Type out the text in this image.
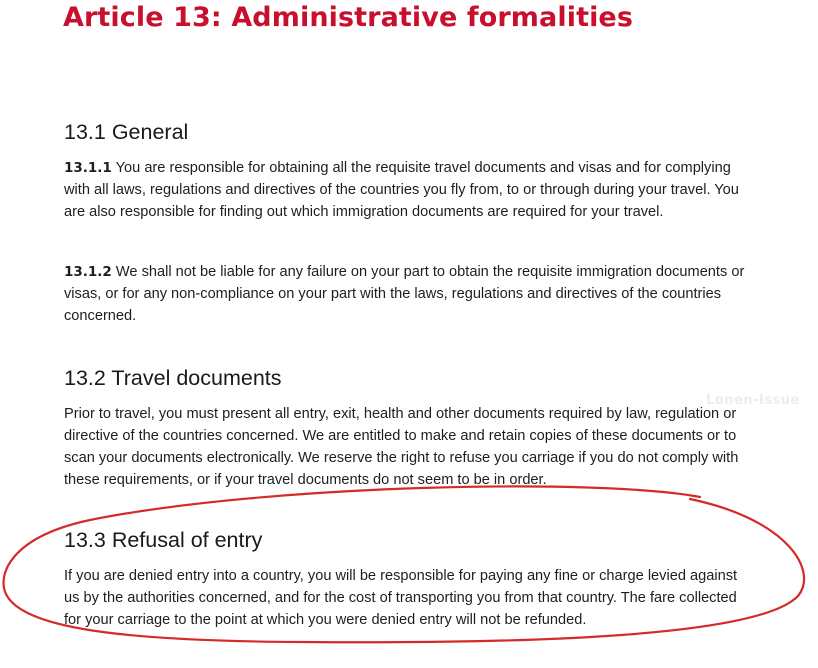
Article 13: Administrative formalities
13.1 General

13.1.1 You are responsible for obtaining all the requisite travel documents and visas and for complying with all laws, regulations and directives of the countries you fly from, to or through during your travel. You are also responsible for finding out which immigration documents are required for your travel.

13.1.2 We shall not be liable for any failure on your part to obtain the requisite immigration documents or visas, or for any non-compliance on your part with the laws, regulations and directives of the countries concerned.

13.2 Travel documents

Prior to travel, you must present all entry, exit, health and other documents required by law, regulation or directive of the countries concerned. We are entitled to make and retain copies of these documents or to scan your documents electronically. We reserve the right to refuse you carriage if you do not comply with these requirements, or if your travel documents do not seem to be in order.

Lonen-Issue
13.3 Refusal of entry

If you are denied entry into a country, you will be responsible for paying any fine or charge levied against us by the authorities concerned, and for the cost of transporting you from that country. The fare collected for your carriage to the point at which you were denied entry will not be refunded.
